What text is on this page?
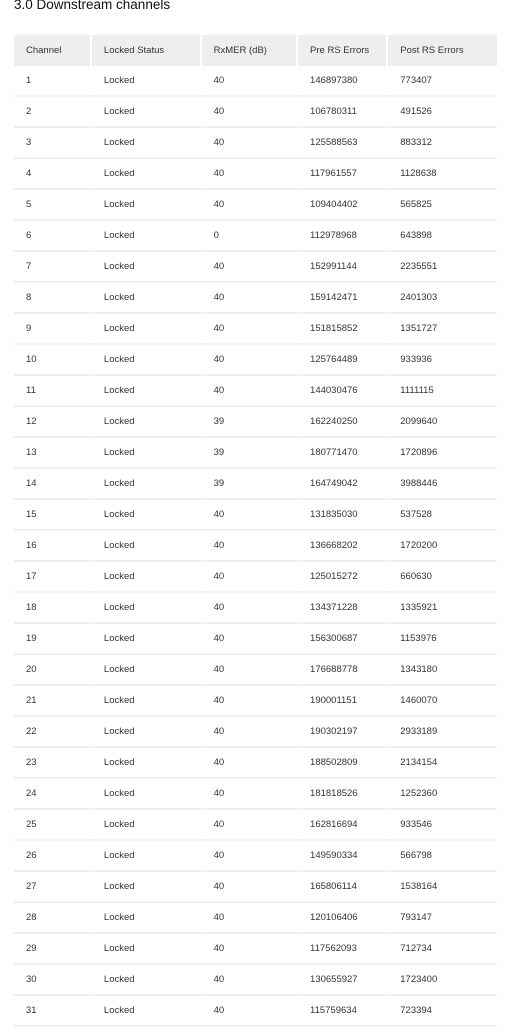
3.0 Downstream channels
Channel	Locked Status	RxMER (dB)	Pre RS Errors	Post RS Errors
1	Locked	40	146897380	773407
2	Locked	40	106780311	491526
3	Locked	40	125588563	883312
4	Locked	40	117961557	1128638
5	Locked	40	109404402	565825
6	Locked	0	112978968	643898
7	Locked	40	152991144	2235551
8	Locked	40	159142471	2401303
9	Locked	40	151815852	1351727
10	Locked	40	125764489	933936
11	Locked	40	144030476	1111115
12	Locked	39	162240250	2099640
13	Locked	39	180771470	1720896
14	Locked	39	164749042	3988446
15	Locked	40	131835030	537528
16	Locked	40	136668202	1720200
17	Locked	40	125015272	660630
18	Locked	40	134371228	1335921
19	Locked	40	156300687	1153976
20	Locked	40	176688778	1343180
21	Locked	40	190001151	1460070
22	Locked	40	190302197	2933189
23	Locked	40	188502809	2134154
24	Locked	40	181818526	1252360
25	Locked	40	162816694	933546
26	Locked	40	149590334	566798
27	Locked	40	165806114	1538164
28	Locked	40	120106406	793147
29	Locked	40	117562093	712734
30	Locked	40	130655927	1723400
31	Locked	40	115759634	723394
